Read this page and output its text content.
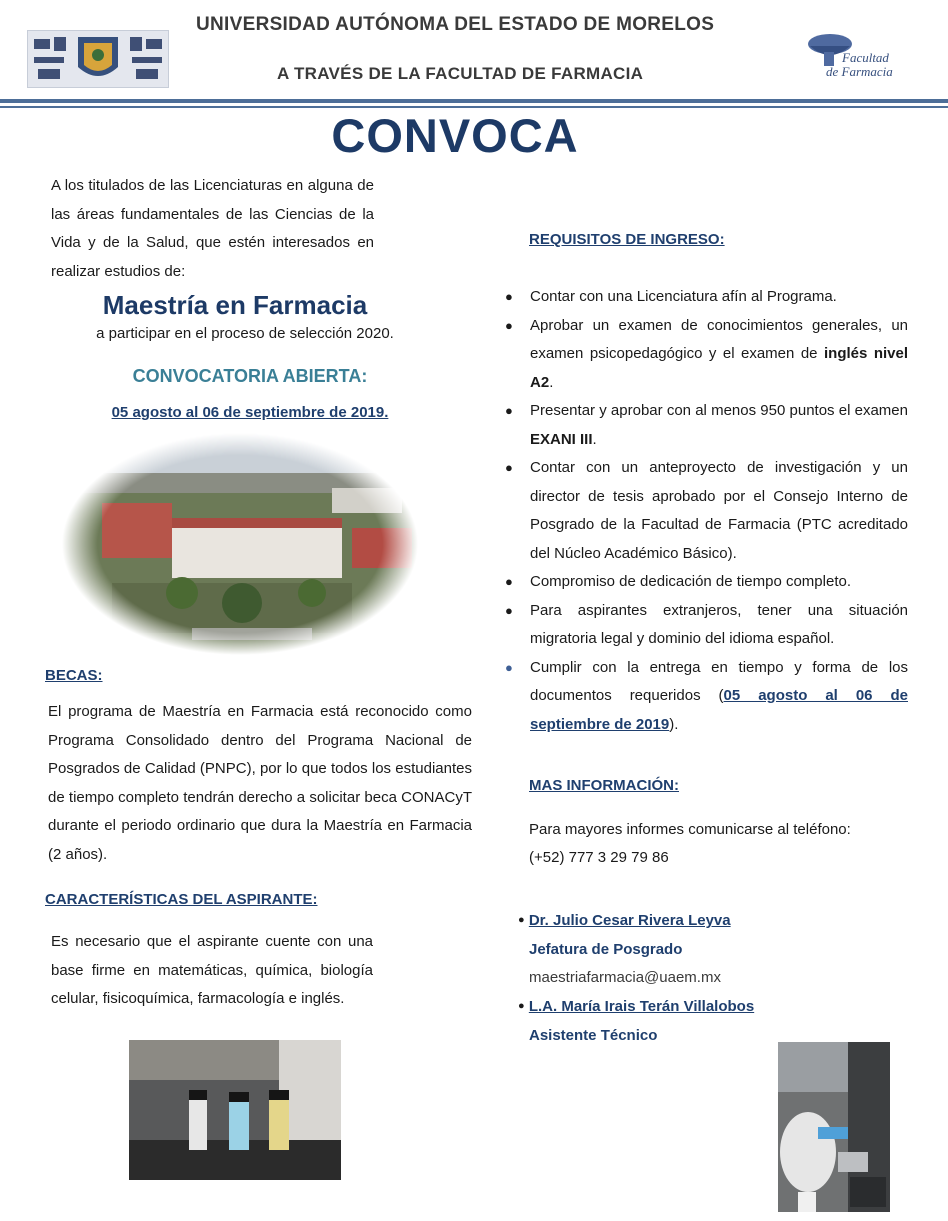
UNIVERSIDAD AUTÓNOMA DEL ESTADO DE MORELOS
A TRAVÉS DE LA FACULTAD DE FARMACIA
Facultad
de Farmacia
CONVOCA
A los titulados de las Licenciaturas en alguna de las áreas fundamentales de las Ciencias de la Vida y de la Salud, que estén interesados en realizar estudios de:
Maestría en Farmacia
a participar en el proceso de selección 2020.
CONVOCATORIA ABIERTA:
05 agosto al 06 de septiembre de 2019.
BECAS:
El programa de Maestría en Farmacia está reconocido como Programa Consolidado dentro del Programa Nacional de Posgrados de Calidad (PNPC), por lo que todos los estudiantes de tiempo completo tendrán derecho a solicitar beca CONACyT durante el periodo ordinario que dura la Maestría en Farmacia (2 años).
CARACTERÍSTICAS DEL ASPIRANTE:
Es necesario que el aspirante cuente con una base firme en matemáticas, química, biología celular, fisicoquímica, farmacología e inglés.
REQUISITOS DE INGRESO:
● Contar con una Licenciatura afín al Programa.
● Aprobar un examen de conocimientos generales, un examen psicopedagógico y el examen de inglés nivel A2.
● Presentar y aprobar con al menos 950 puntos el examen EXANI III.
● Contar con un anteproyecto de investigación y un director de tesis aprobado por el Consejo Interno de Posgrado de la Facultad de Farmacia (PTC acreditado del Núcleo Académico Básico).
● Compromiso de dedicación de tiempo completo.
● Para aspirantes extranjeros, tener una situación migratoria legal y dominio del idioma español.
● Cumplir con la entrega en tiempo y forma de los documentos requeridos (05 agosto al 06 de septiembre de 2019).
MAS INFORMACIÓN:
Para mayores informes comunicarse al teléfono:
(+52) 777 3 29 79 86
● Dr. Julio Cesar Rivera Leyva
Jefatura de Posgrado
maestriafarmacia@uaem.mx
● L.A. María Irais Terán Villalobos
Asistente Técnico
